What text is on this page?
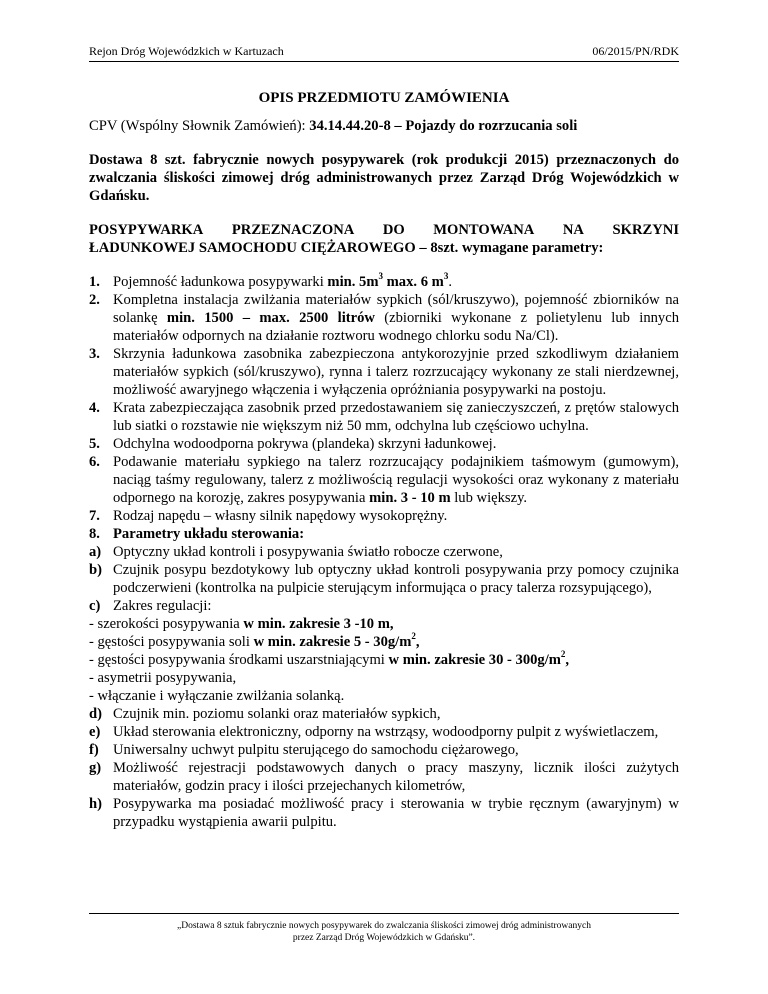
Rejon Dróg Wojewódzkich w Kartuzach	06/2015/PN/RDK
OPIS PRZEDMIOTU ZAMÓWIENIA

CPV (Wspólny Słownik Zamówień): 34.14.44.20-8 – Pojazdy do rozrzucania soli

Dostawa 8 szt. fabrycznie nowych posypywarek (rok produkcji 2015) przeznaczonych do zwalczania śliskości zimowej dróg administrowanych przez Zarząd Dróg Wojewódzkich w Gdańsku.

POSYPYWARKA PRZEZNACZONA DO MONTOWANA NA SKRZYNI
ŁADUNKOWEJ SAMOCHODU CIĘŻAROWEGO – 8szt. wymagane parametry:
1. Pojemność ładunkowa posypywarki min. $5m^3$ max. 6 $m^3$.
2. Kompletna instalacja zwilżania materiałów sypkich (sól/kruszywo), pojemność zbiorników na solankę min. 1500 – max. 2500 litrów (zbiorniki wykonane z polietylenu lub innych materiałów odpornych na działanie roztworu wodnego chlorku sodu Na/Cl).
3. Skrzynia ładunkowa zasobnika zabezpieczona antykorozyjnie przed szkodliwym działaniem materiałów sypkich (sól/kruszywo), rynna i talerz rozrzucający wykonany ze stali nierdzewnej, możliwość awaryjnego włączenia i wyłączenia opróżniania posypywarki na postoju.
4. Krata zabezpieczająca zasobnik przed przedostawaniem się zanieczyszczeń, z prętów stalowych lub siatki o rozstawie nie większym niż 50 mm, odchylna lub częściowo uchylna.
5. Odchylna wodoodporna pokrywa (plandeka) skrzyni ładunkowej.
6. Podawanie materiału sypkiego na talerz rozrzucający podajnikiem taśmowym (gumowym), naciąg taśmy regulowany, talerz z możliwością regulacji wysokości oraz wykonany z materiału odpornego na korozję, zakres posypywania min. 3 - 10 m lub większy.
7. Rodzaj napędu – własny silnik napędowy wysokoprężny.
8. Parametry układu sterowania:
a) Optyczny układ kontroli i posypywania światło robocze czerwone,
b) Czujnik posypu bezdotykowy lub optyczny układ kontroli posypywania przy pomocy czujnika podczerwieni (kontrolka na pulpicie sterującym informująca o pracy talerza rozsypującego),
c) Zakres regulacji:
- szerokości posypywania w min. zakresie 3 -10 m,
- gęstości posypywania soli w min. zakresie $5 - 30g/m^2$,
- gęstości posypywania środkami uszarstniającymi w min. zakresie $30 - 300g/m^2$,
- asymetrii posypywania,
- włączanie i wyłączanie zwilżania solanką.
d) Czujnik min. poziomu solanki oraz materiałów sypkich,
e) Układ sterowania elektroniczny, odporny na wstrząsy, wodoodporny pulpit z wyświetlaczem,
f) Uniwersalny uchwyt pulpitu sterującego do samochodu ciężarowego,
g) Możliwość rejestracji podstawowych danych o pracy maszyny, licznik ilości zużytych materiałów, godzin pracy i ilości przejechanych kilometrów,
h) Posypywarka ma posiadać możliwość pracy i sterowania w trybie ręcznym (awaryjnym) w przypadku wystąpienia awarii pulpitu.
„Dostawa 8 sztuk fabrycznie nowych posypywarek do zwalczania śliskości zimowej dróg administrowanych
przez Zarząd Dróg Wojewódzkich w Gdańsku”.
